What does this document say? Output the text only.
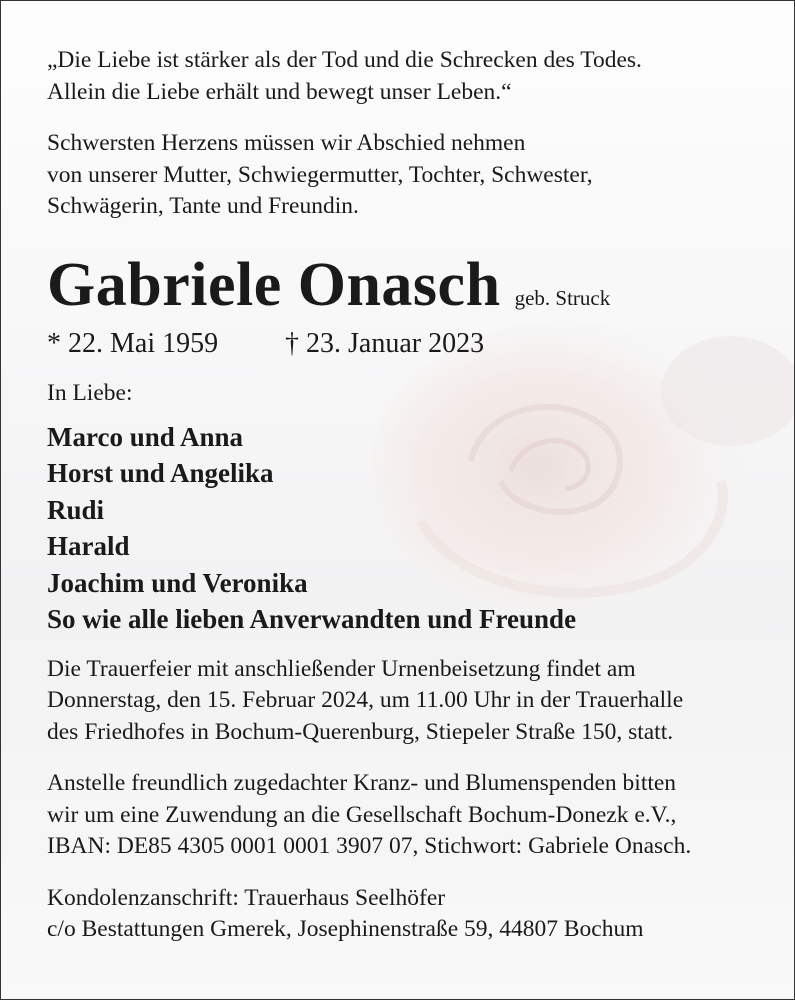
„Die Liebe ist stärker als der Tod und die Schrecken des Todes.

Allein die Liebe erhält und bewegt unser Leben.“

Schwersten Herzens müssen wir Abschied nehmen

von unserer Mutter, Schwiegermutter, Tochter, Schwester,

Schwägerin, Tante und Freundin.

Gabriele Onasch geb. Struck
* 22. Mai 1959	† 23. Januar 2023

In Liebe:

Marco und Anna
Horst und Angelika
Rudi
Harald
Joachim und Veronika
So wie alle lieben Anverwandten und Freunde

Die Trauerfeier mit anschließender Urnenbeisetzung findet am

Donnerstag, den 15. Februar 2024, um 11.00 Uhr in der Trauerhalle

des Friedhofes in Bochum-Querenburg, Stiepeler Straße 150, statt.

Anstelle freundlich zugedachter Kranz- und Blumenspenden bitten

wir um eine Zuwendung an die Gesellschaft Bochum-Donezk e.V.,

IBAN: DE85 4305 0001 0001 3907 07, Stichwort: Gabriele Onasch.

Kondolenzanschrift: Trauerhaus Seelhöfer

c/o Bestattungen Gmerek, Josephinenstraße 59, 44807 Bochum
